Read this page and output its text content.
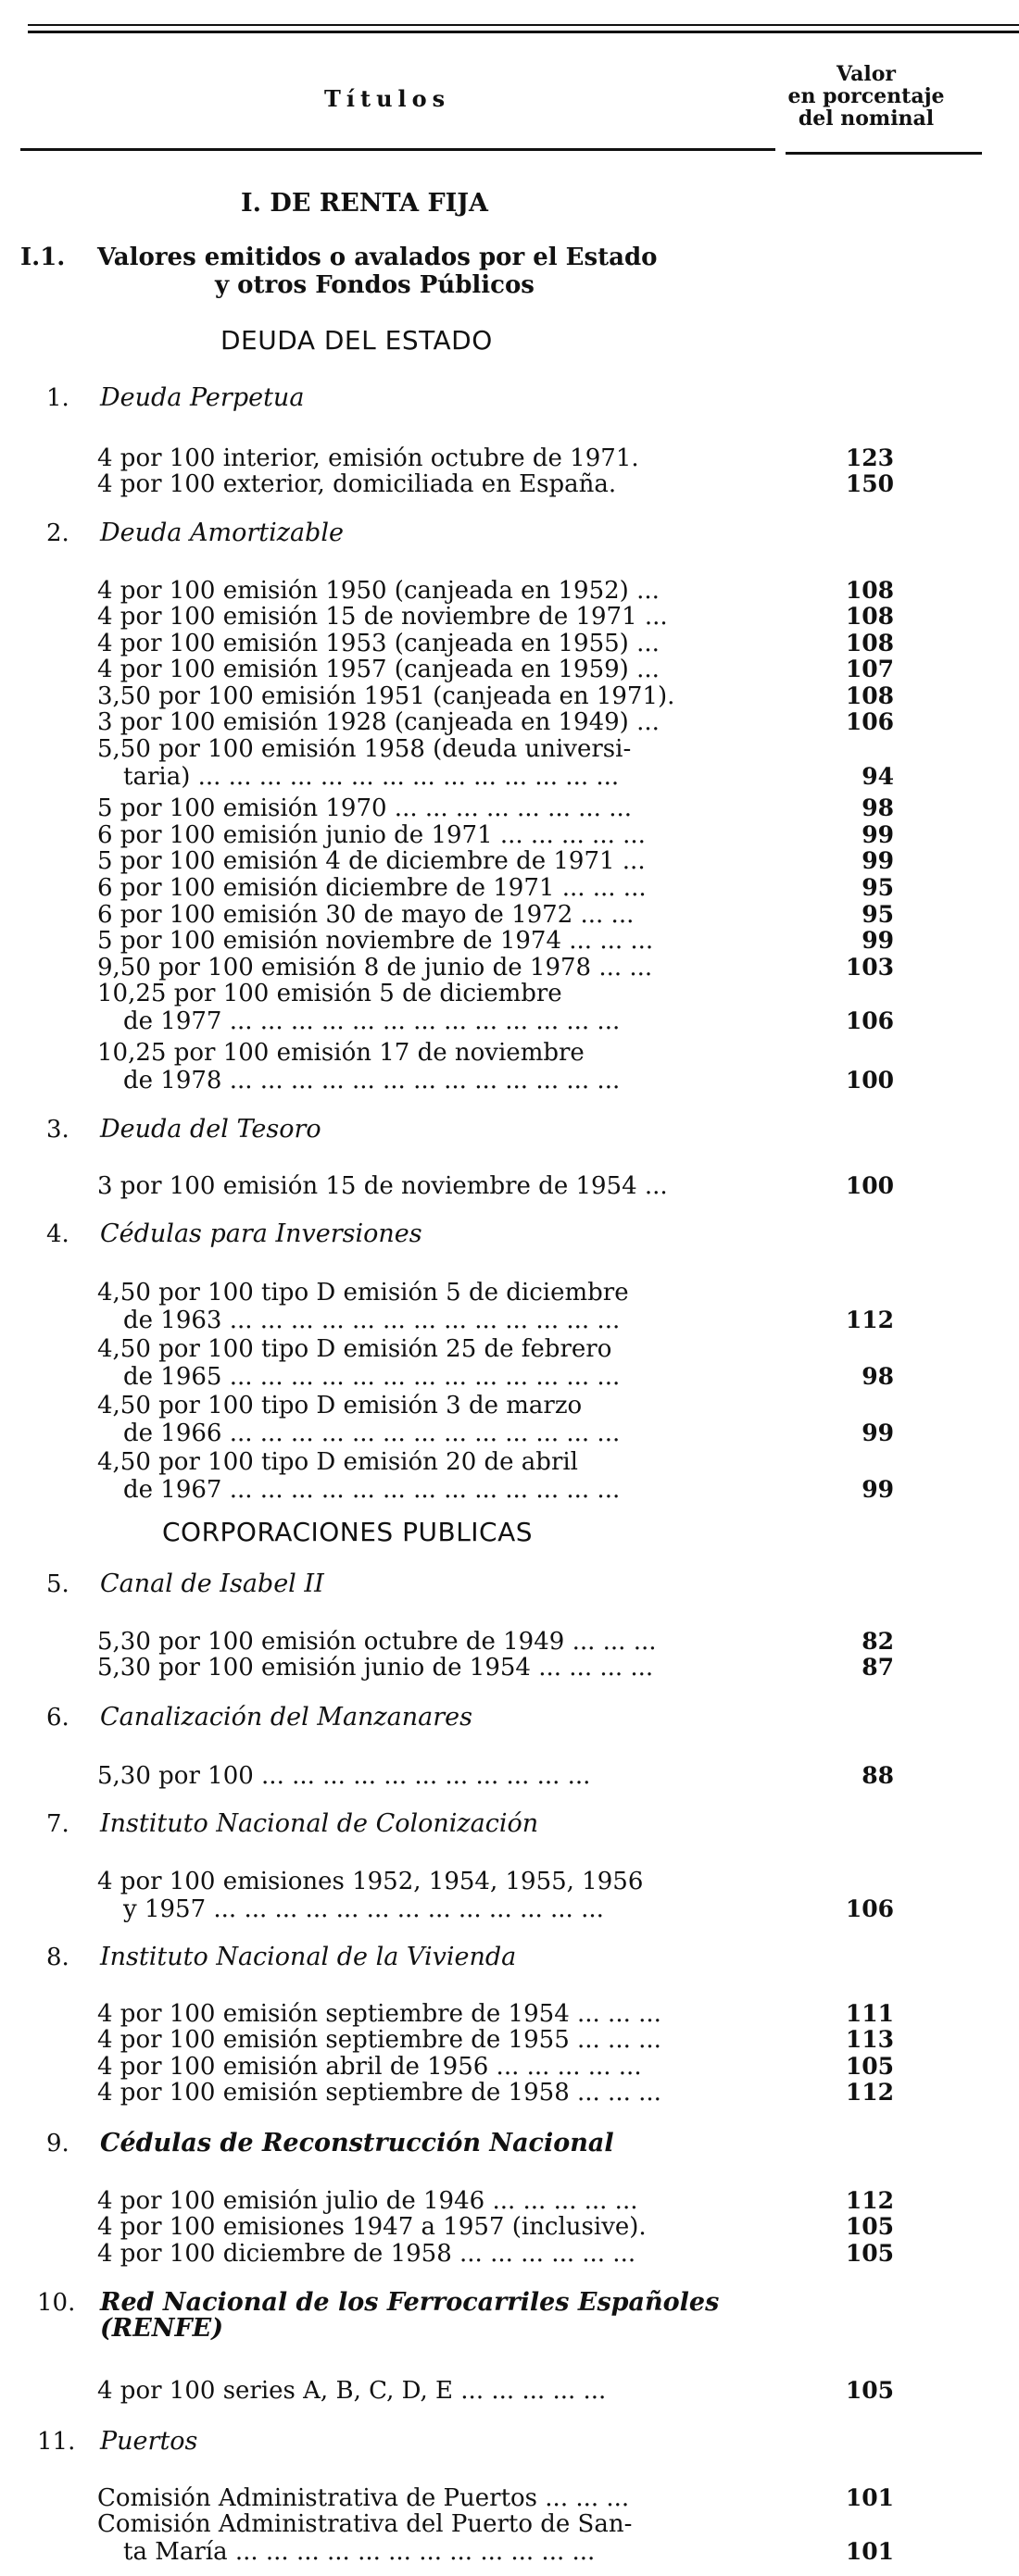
Títulos
Valor
en porcentaje
del nominal
I. DE RENTA FIJA
I.1. Valores emitidos o avalados por el Estado
y otros Fondos Públicos
DEUDA DEL ESTADO
CORPORACIONES PUBLICAS
1. Deuda Perpetua
4 por 100 interior, emisión octubre de 1971.	123
4 por 100 exterior, domiciliada en España.	150
2. Deuda Amortizable
4 por 100 emisión 1950 (canjeada en 1952) ...	108
4 por 100 emisión 15 de noviembre de 1971 ...	108
4 por 100 emisión 1953 (canjeada en 1955) ...	108
4 por 100 emisión 1957 (canjeada en 1959) ...	107
3,50 por 100 emisión 1951 (canjeada en 1971).	108
3 por 100 emisión 1928 (canjeada en 1949) ...	106
5,50 por 100 emisión 1958 (deuda universi-
taria) ... ... ... ... ... ... ... ... ... ... ... ... ... ...	94
5 por 100 emisión 1970 ... ... ... ... ... ... ... ...	98
6 por 100 emisión junio de 1971 ... ... ... ... ...	99
5 por 100 emisión 4 de diciembre de 1971 ...	99
6 por 100 emisión diciembre de 1971 ... ... ...	95
6 por 100 emisión 30 de mayo de 1972 ... ...	95
5 por 100 emisión noviembre de 1974 ... ... ...	99
9,50 por 100 emisión 8 de junio de 1978 ... ...	103
10,25 por 100 emisión 5 de diciembre
de 1977 ... ... ... ... ... ... ... ... ... ... ... ... ...	106
10,25 por 100 emisión 17 de noviembre
de 1978 ... ... ... ... ... ... ... ... ... ... ... ... ...	100
3. Deuda del Tesoro
3 por 100 emisión 15 de noviembre de 1954 ...	100
4. Cédulas para Inversiones
4,50 por 100 tipo D emisión 5 de diciembre
de 1963 ... ... ... ... ... ... ... ... ... ... ... ... ...	112
4,50 por 100 tipo D emisión 25 de febrero
de 1965 ... ... ... ... ... ... ... ... ... ... ... ... ...	98
4,50 por 100 tipo D emisión 3 de marzo
de 1966 ... ... ... ... ... ... ... ... ... ... ... ... ...	99
4,50 por 100 tipo D emisión 20 de abril
de 1967 ... ... ... ... ... ... ... ... ... ... ... ... ...	99
5. Canal de Isabel II
5,30 por 100 emisión octubre de 1949 ... ... ...	82
5,30 por 100 emisión junio de 1954 ... ... ... ...	87
6. Canalización del Manzanares
5,30 por 100 ... ... ... ... ... ... ... ... ... ... ...	88
7. Instituto Nacional de Colonización
4 por 100 emisiones 1952, 1954, 1955, 1956
y 1957 ... ... ... ... ... ... ... ... ... ... ... ... ...	106
8. Instituto Nacional de la Vivienda
4 por 100 emisión septiembre de 1954 ... ... ...	111
4 por 100 emisión septiembre de 1955 ... ... ...	113
4 por 100 emisión abril de 1956 ... ... ... ... ...	105
4 por 100 emisión septiembre de 1958 ... ... ...	112
9. Cédulas de Reconstrucción Nacional
4 por 100 emisión julio de 1946 ... ... ... ... ...	112
4 por 100 emisiones 1947 a 1957 (inclusive).	105
4 por 100 diciembre de 1958 ... ... ... ... ... ...	105
10. Red Nacional de los Ferrocarriles Españoles
(RENFE)
4 por 100 series A, B, C, D, E ... ... ... ... ...	105
11. Puertos
Comisión Administrativa de Puertos ... ... ...	101
Comisión Administrativa del Puerto de San-
ta María ... ... ... ... ... ... ... ... ... ... ... ...	101
